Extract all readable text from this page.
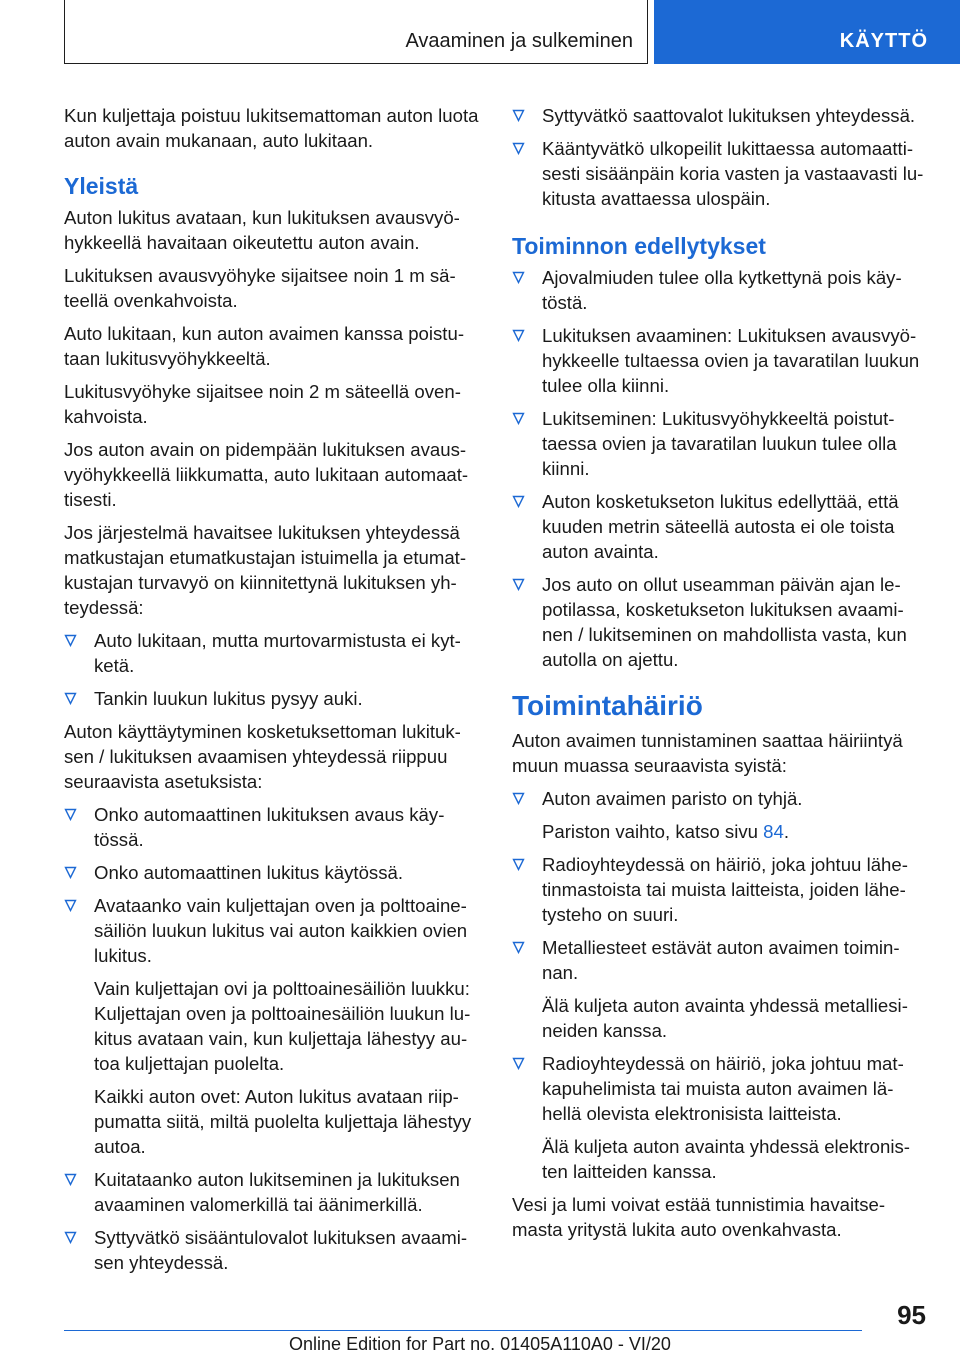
Avaaminen ja sulkeminen	KÄYTTÖ

Kun kuljettaja poistuu lukitsemattoman auton luota auton avain mukanaan, auto lukitaan.

Yleistä

Auton lukitus avataan, kun lukituksen avausvyöhykkeellä havaitaan oikeutettu auton avain.

Lukituksen avausvyöhyke sijaitsee noin 1 m säteellä ovenkahvoista.

Auto lukitaan, kun auton avaimen kanssa poistutaan lukitusvyöhykkeeltä.

Lukitusvyöhyke sijaitsee noin 2 m säteellä ovenkahvoista.

Jos auton avain on pidempään lukituksen avausvyöhykkeellä liikkumatta, auto lukitaan automaattisesti.

Jos järjestelmä havaitsee lukituksen yhteydessä matkustajan etumatkustajan istuimella ja etumatkustajan turvavyö on kiinnitettynä lukituksen yhteydessä:

Auto lukitaan, mutta murtovarmistusta ei kytketä.
Tankin luukun lukitus pysyy auki.

Auton käyttäytyminen kosketuksettoman lukituksen / lukituksen avaamisen yhteydessä riippuu seuraavista asetuksista:

Onko automaattinen lukituksen avaus käytössä.
Onko automaattinen lukitus käytössä.
Avataanko vain kuljettajan oven ja polttoainesäiliön luukun lukitus vai auton kaikkien ovien lukitus.

Vain kuljettajan ovi ja polttoainesäiliön luukku: Kuljettajan oven ja polttoainesäiliön luukun lukitus avataan vain, kun kuljettaja lähestyy autoa kuljettajan puolelta.

Kaikki auton ovet: Auton lukitus avataan riippumatta siitä, miltä puolelta kuljettaja lähestyy autoa.

Kuitataanko auton lukitseminen ja lukituksen avaaminen valomerkillä tai äänimerkillä.
Syttyvätkö sisääntulovalot lukituksen avaamisen yhteydessä.
Syttyvätkö saattovalot lukituksen yhteydessä.
Kääntyvätkö ulkopeilit lukittaessa automaattisesti sisäänpäin koria vasten ja vastaavasti lukitusta avattaessa ulospäin.
Toiminnon edellytykset
Ajovalmiuden tulee olla kytkettynä pois käytöstä.
Lukituksen avaaminen: Lukituksen avausvyöhykkeelle tultaessa ovien ja tavaratilan luukun tulee olla kiinni.
Lukitseminen: Lukitusvyöhykkeeltä poistuttaessa ovien ja tavaratilan luukun tulee olla kiinni.
Auton kosketukseton lukitus edellyttää, että kuuden metrin säteellä autosta ei ole toista auton avainta.
Jos auto on ollut useamman päivän ajan lepotilassa, kosketukseton lukituksen avaaminen / lukitseminen on mahdollista vasta, kun autolla on ajettu.
Toimintahäiriö

Auton avaimen tunnistaminen saattaa häiriintyä muun muassa seuraavista syistä:

Auton avaimen paristo on tyhjä.

Pariston vaihto, katso sivu 84.

Radioyhteydessä on häiriö, joka johtuu lähetinmastoista tai muista laitteista, joiden lähetysteho on suuri.
Metalliesteet estävät auton avaimen toiminnan.

Älä kuljeta auton avainta yhdessä metalliesineiden kanssa.

Radioyhteydessä on häiriö, joka johtuu matkapuhelimista tai muista auton avaimen lähellä olevista elektronisista laitteista.

Älä kuljeta auton avainta yhdessä elektronisten laitteiden kanssa.

Vesi ja lumi voivat estää tunnistimia havaitsemasta yritystä lukita auto ovenkahvasta.

95
Online Edition for Part no. 01405A110A0 - VI/20
